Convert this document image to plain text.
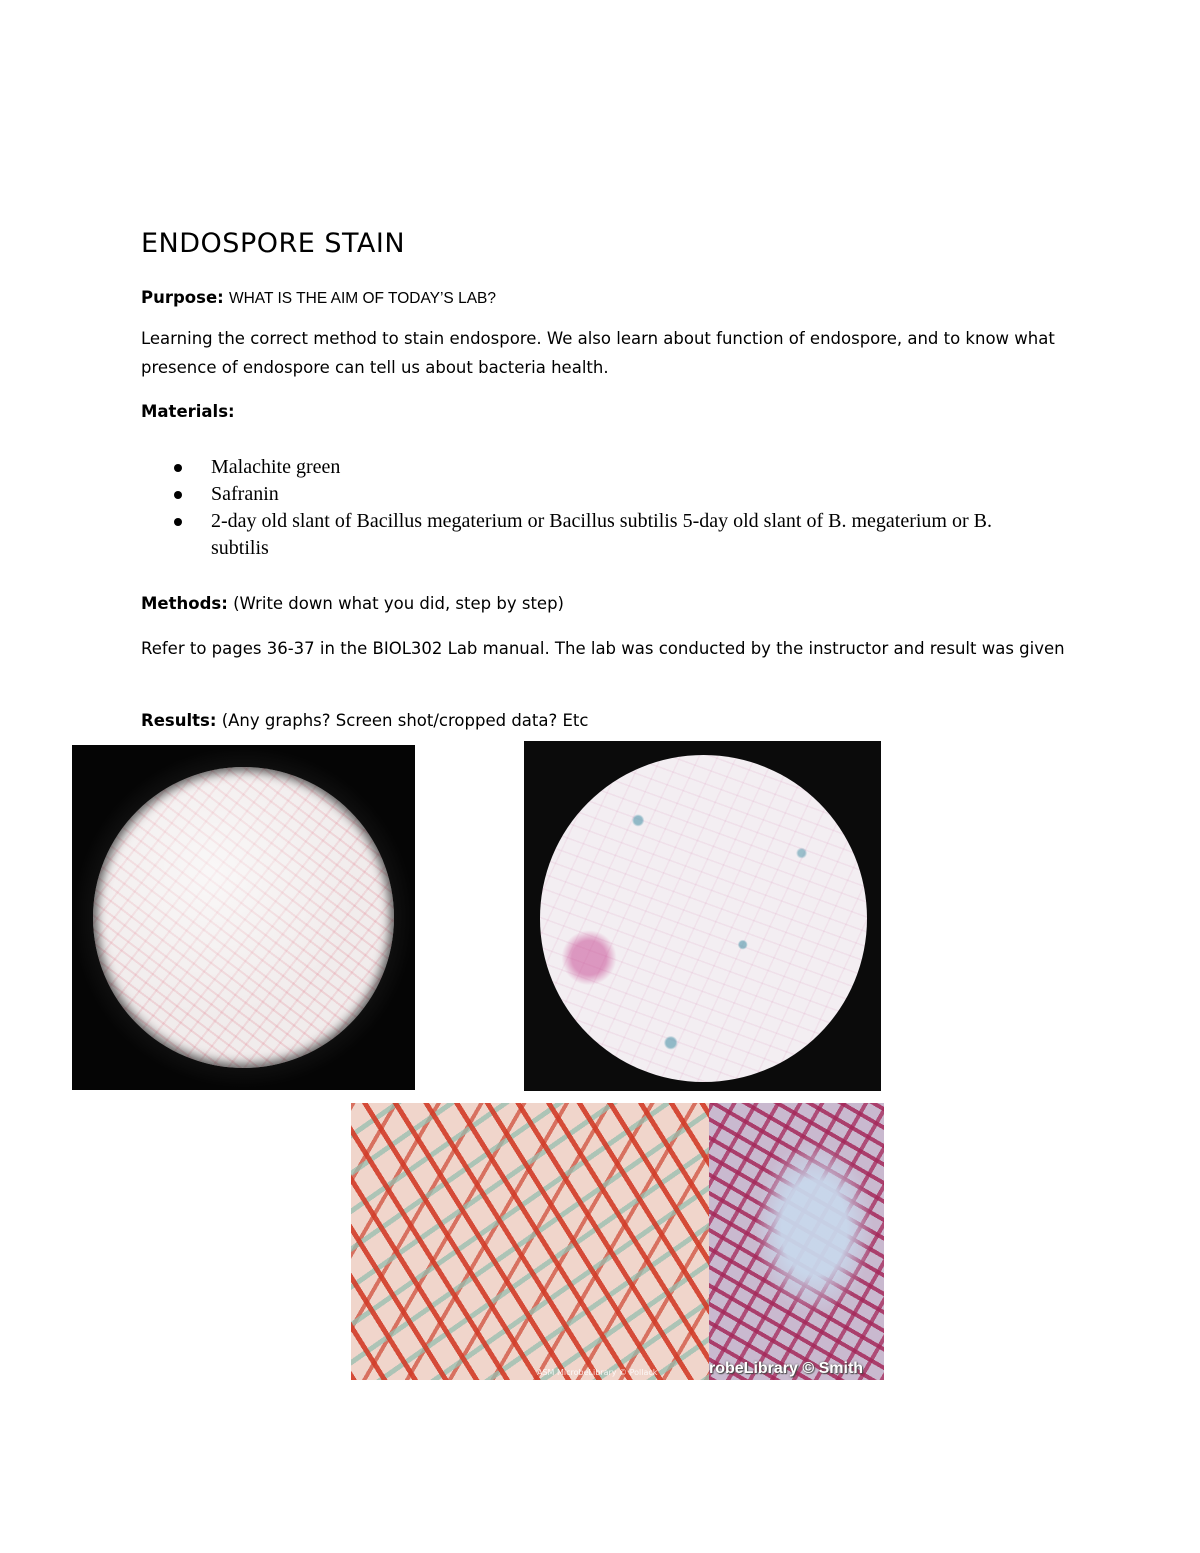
ENDOSPORE STAIN
Purpose: WHAT IS THE AIM OF TODAY’S LAB?
Learning the correct method to stain endospore. We also learn about function of endospore, and to know what presence of endospore can tell us about bacteria health.
Materials:
Malachite green
Safranin
2-day old slant of Bacillus megaterium or Bacillus subtilis 5-day old slant of B. megaterium or B. subtilis
Methods: (Write down what you did, step by step)
Refer to pages 36-37 in the BIOL302 Lab manual. The lab was conducted by the instructor and result was given
Results: (Any graphs? Screen shot/cropped data? Etc
ASM MicrobeLibrary © Pollack	robeLibrary © Smith
